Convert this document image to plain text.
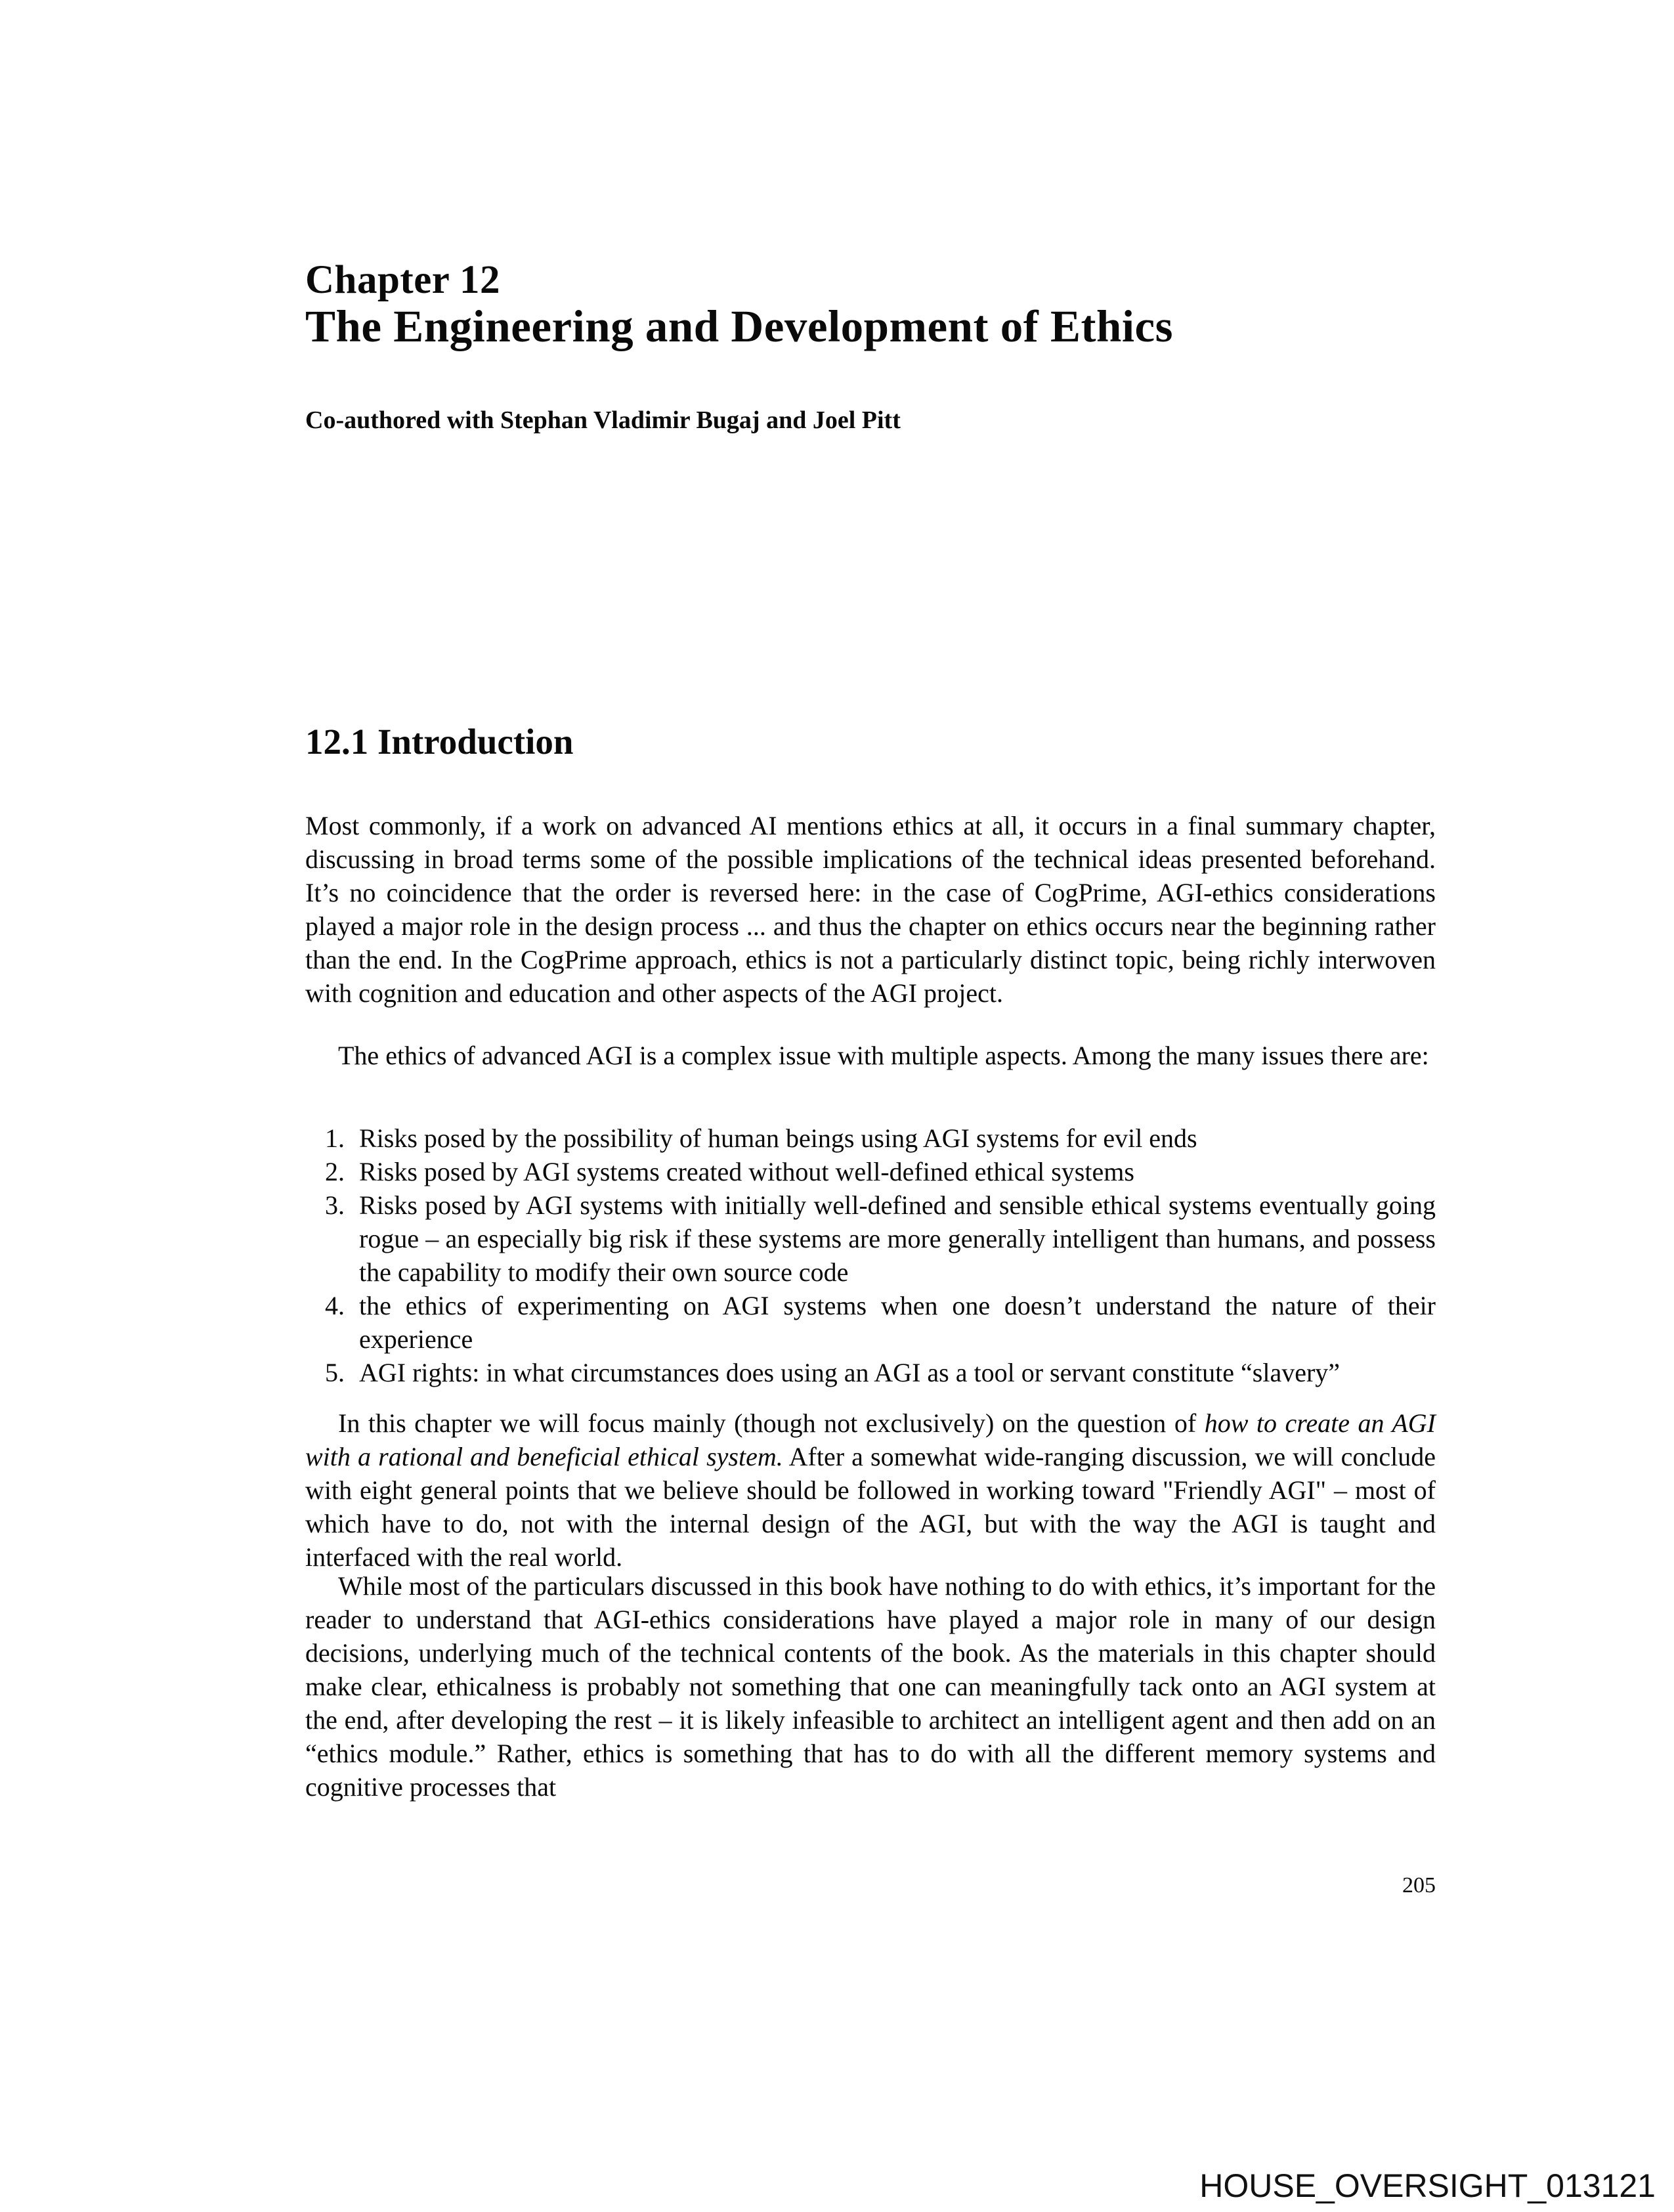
Chapter 12
The Engineering and Development of Ethics
Co-authored with Stephan Vladimir Bugaj and Joel Pitt
12.1 Introduction

Most commonly, if a work on advanced AI mentions ethics at all, it occurs in a final summary chapter, discussing in broad terms some of the possible implications of the technical ideas presented beforehand. It’s no coincidence that the order is reversed here: in the case of CogPrime, AGI-ethics considerations played a major role in the design process ... and thus the chapter on ethics occurs near the beginning rather than the end. In the CogPrime approach, ethics is not a particularly distinct topic, being richly interwoven with cognition and education and other aspects of the AGI project.

The ethics of advanced AGI is a complex issue with multiple aspects. Among the many issues there are:

1. Risks posed by the possibility of human beings using AGI systems for evil ends
2. Risks posed by AGI systems created without well-defined ethical systems
3. Risks posed by AGI systems with initially well-defined and sensible ethical systems eventually going rogue – an especially big risk if these systems are more generally intelligent than humans, and possess the capability to modify their own source code
4. the ethics of experimenting on AGI systems when one doesn’t understand the nature of their experience
5. AGI rights: in what circumstances does using an AGI as a tool or servant constitute “slavery”

In this chapter we will focus mainly (though not exclusively) on the question of how to create an AGI with a rational and beneficial ethical system. After a somewhat wide-ranging discussion, we will conclude with eight general points that we believe should be followed in working toward "Friendly AGI" – most of which have to do, not with the internal design of the AGI, but with the way the AGI is taught and interfaced with the real world.

While most of the particulars discussed in this book have nothing to do with ethics, it’s important for the reader to understand that AGI-ethics considerations have played a major role in many of our design decisions, underlying much of the technical contents of the book. As the materials in this chapter should make clear, ethicalness is probably not something that one can meaningfully tack onto an AGI system at the end, after developing the rest – it is likely infeasible to architect an intelligent agent and then add on an “ethics module.” Rather, ethics is something that has to do with all the different memory systems and cognitive processes that

205
HOUSE_OVERSIGHT_013121
